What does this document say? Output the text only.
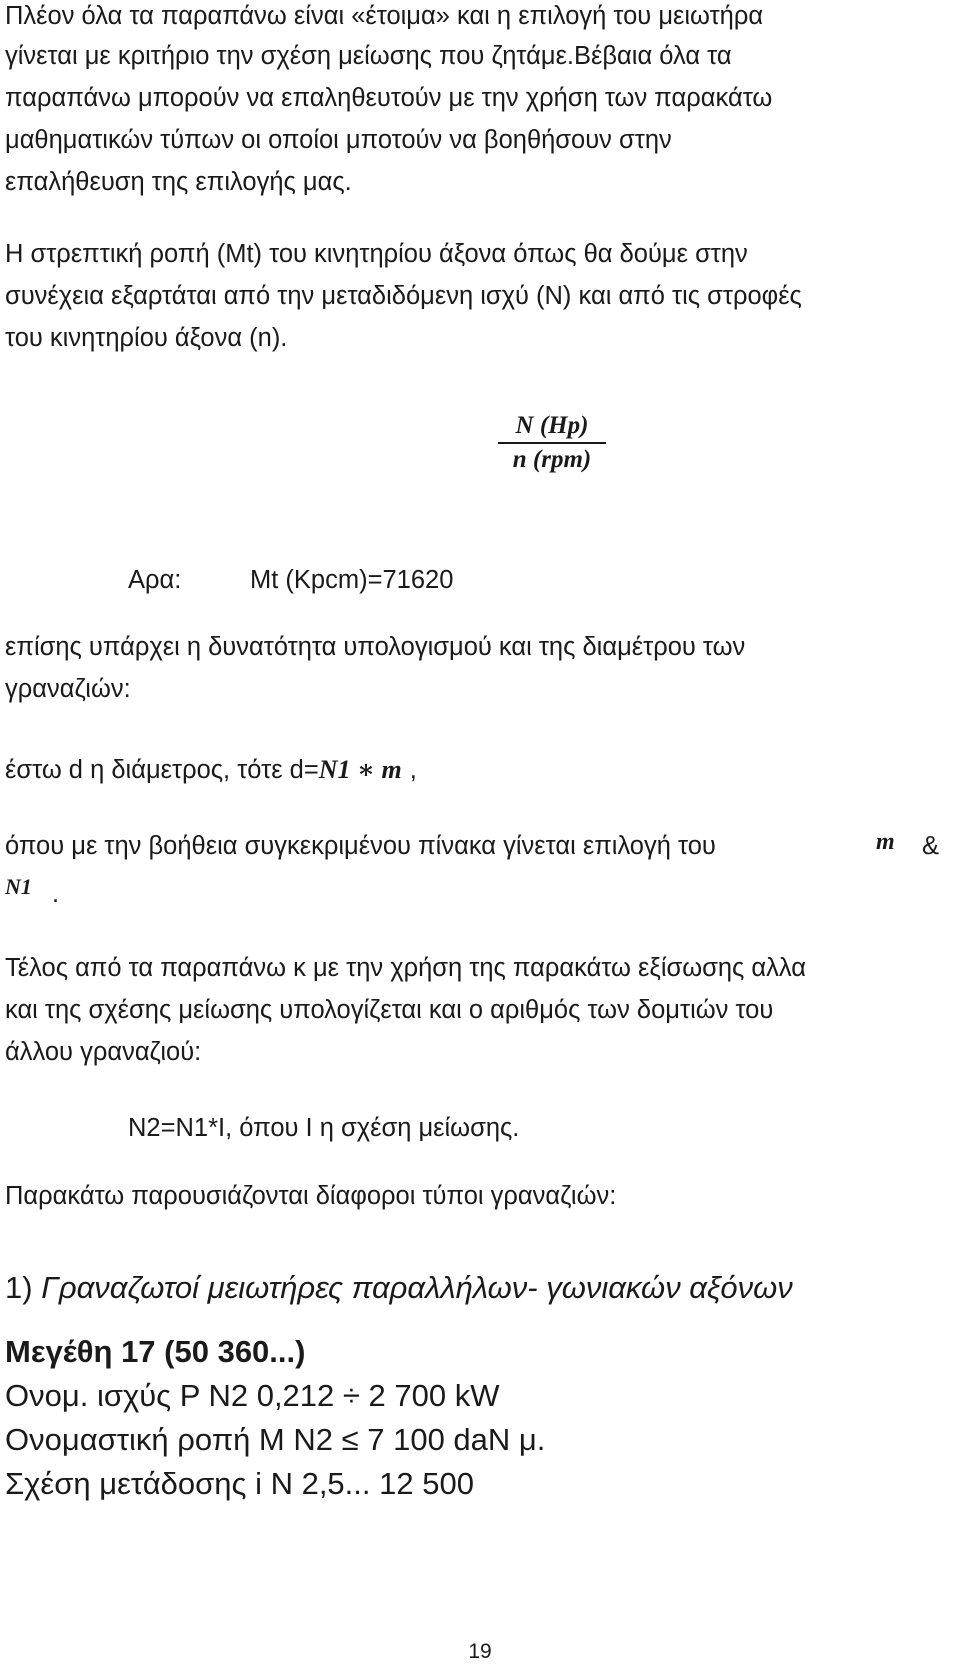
Πλέον όλα τα παραπάνω είναι «έτοιμα» και η επιλογή του μειωτήρα
γίνεται με κριτήριο την σχέση μείωσης που ζητάμε.Βέβαια όλα τα
παραπάνω μπορούν να επαληθευτούν με την χρήση των παρακάτω
μαθηματικών τύπων οι οποίοι μποτούν να βοηθήσουν στην
επαλήθευση της επιλογής μας.
Η στρεπτική ροπή (Mt) του κινητηρίου άξονα όπως θα δούμε στην
συνέχεια εξαρτάται από την μεταδιδόμενη ισχύ (N) και από τις στροφές
του κινητηρίου άξονα (n).
N (Hp)
n (rpm)
Αρα:	Mt (Kpcm)=71620
επίσης υπάρχει η δυνατότητα υπολογισμού και της διαμέτρου των
γραναζιών:
έστω d η διάμετρος, τότε d=N1 ∗ m ,
όπου με την βοήθεια συγκεκριμένου πίνακα γίνεται επιλογή του	m &
N1 .
Τέλος από τα παραπάνω κ με την χρήση της παρακάτω εξίσωσης αλλα
και της σχέσης μείωσης υπολογίζεται και ο αριθμός των δομτιών του
άλλου γραναζιού:
N2=N1*I, όπου I η σχέση μείωσης.
Παρακάτω παρουσιάζονται δίαφοροι τύποι γραναζιών:
1) Γραναζωτοί μειωτήρες παραλλήλων- γωνιακών αξόνων
Μεγέθη 17 (50 360...)
Ονομ. ισχύς P N2 0,212 ÷ 2 700 kW
Ονομαστική ροπή M N2 ≤ 7 100 daN μ.
Σχέση μετάδοσης i N 2,5... 12 500
19
